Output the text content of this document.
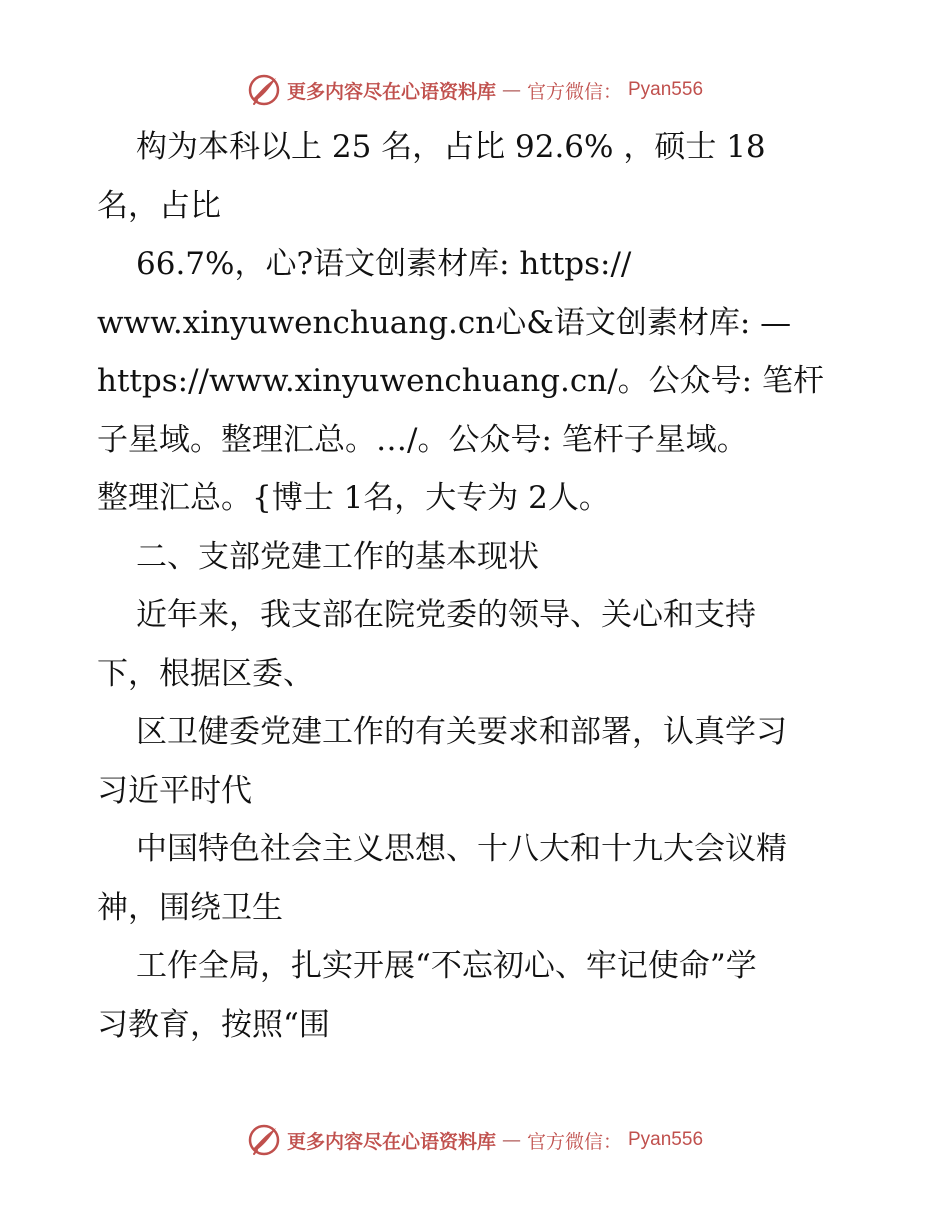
更多内容尽在心语资料库 — 官方微信： Pyan556
构为本科以上 25 名，占比 92.6% ，硕士 18
名，占比
66.7%，心?语文创素材库: https://
www.xinyuwenchuang.cn心&语文创素材库: —
https://www.xinyuwenchuang.cn/。公众号: 笔杆
子星域。整理汇总。…/。公众号: 笔杆子星域。
整理汇总。{博士 1名，大专为 2人。
二、支部党建工作的基本现状
近年来，我支部在院党委的领导、关心和支持
下，根据区委、
区卫健委党建工作的有关要求和部署，认真学习
习近平时代
中国特色社会主义思想、十八大和十九大会议精
神，围绕卫生
工作全局，扎实开展“不忘初心、牢记使命”学
习教育，按照“围
更多内容尽在心语资料库 — 官方微信： Pyan556
